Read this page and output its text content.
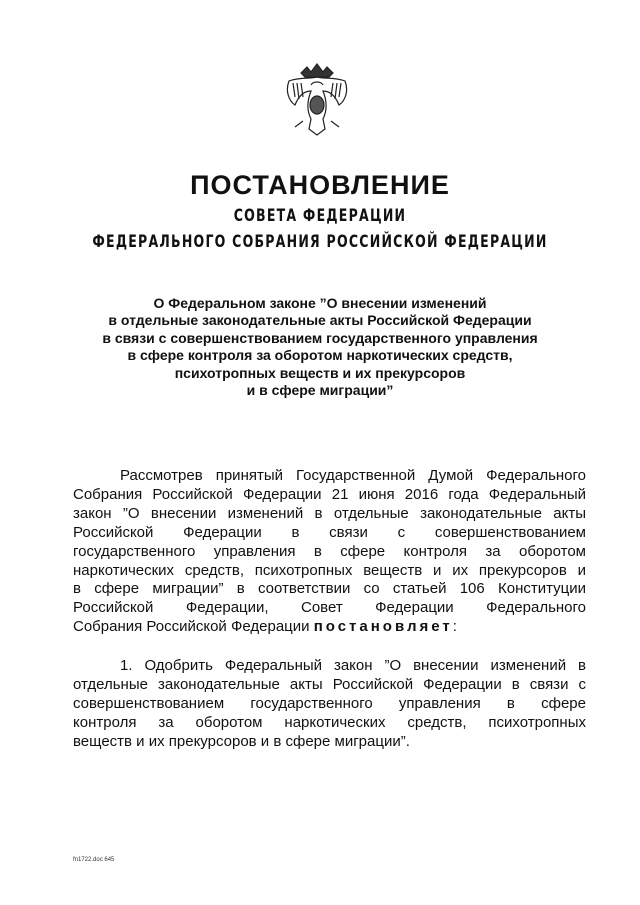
ПОСТАНОВЛЕНИЕ
СОВЕТА ФЕДЕРАЦИИ
ФЕДЕРАЛЬНОГО СОБРАНИЯ РОССИЙСКОЙ ФЕДЕРАЦИИ
О Федеральном законе ”О внесении изменений
в отдельные законодательные акты Российской Федерации
в связи с совершенствованием государственного управления
в сфере контроля за оборотом наркотических средств,
психотропных веществ и их прекурсоров
и в сфере миграции”
Рассмотрев принятый Государственной Думой Федерального
Собрания Российской Федерации 21 июня 2016 года Федеральный
закон ”О внесении изменений в отдельные законодательные акты
Российской Федерации в связи с совершенствованием
государственного управления в сфере контроля за оборотом
наркотических средств, психотропных веществ и их прекурсоров и
в сфере миграции” в соответствии со статьей 106 Конституции
Российской Федерации, Совет Федерации Федерального
Собрания Российской Федерации постановляет:
1. Одобрить Федеральный закон ”О внесении изменений в
отдельные законодательные акты Российской Федерации в связи с
совершенствованием государственного управления в сфере
контроля за оборотом наркотических средств, психотропных
веществ и их прекурсоров и в сфере миграции”.
fn1722.doc 645
